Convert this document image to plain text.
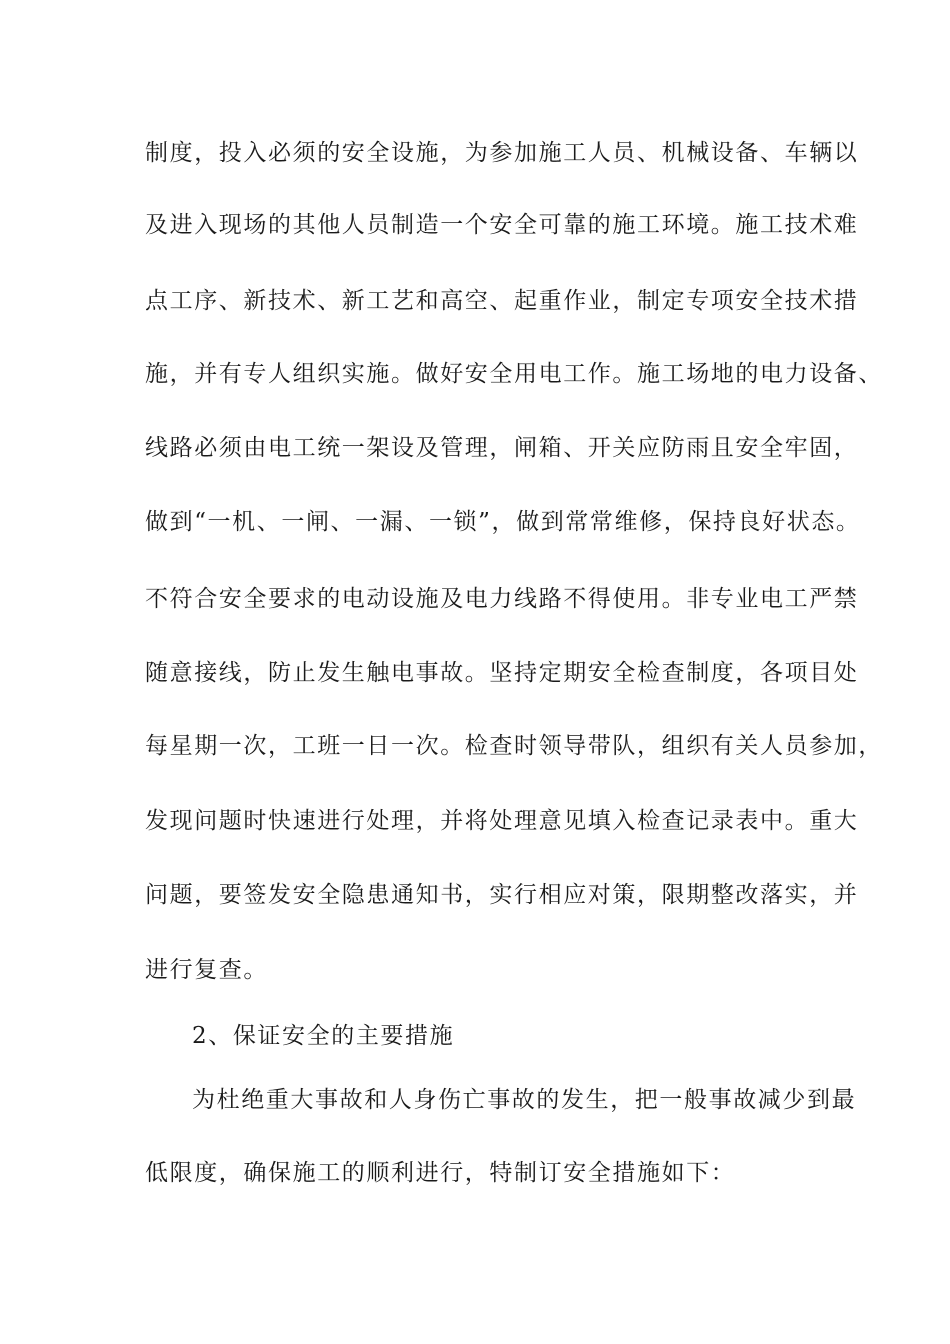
制度，投入必须的安全设施，为参加施工人员、机械设备、车辆以
及进入现场的其他人员制造一个安全可靠的施工环境。施工技术难
点工序、新技术、新工艺和高空、起重作业，制定专项安全技术措
施，并有专人组织实施。做好安全用电工作。施工场地的电力设备、
线路必须由电工统一架设及管理，闸箱、开关应防雨且安全牢固，
做到“一机、一闸、一漏、一锁”，做到常常维修，保持良好状态。
不符合安全要求的电动设施及电力线路不得使用。非专业电工严禁
随意接线，防止发生触电事故。坚持定期安全检查制度，各项目处
每星期一次，工班一日一次。检查时领导带队，组织有关人员参加，
发现问题时快速进行处理，并将处理意见填入检查记录表中。重大
问题，要签发安全隐患通知书，实行相应对策，限期整改落实，并
进行复查。
2、保证安全的主要措施
为杜绝重大事故和人身伤亡事故的发生，把一般事故减少到最
低限度，确保施工的顺利进行，特制订安全措施如下：
